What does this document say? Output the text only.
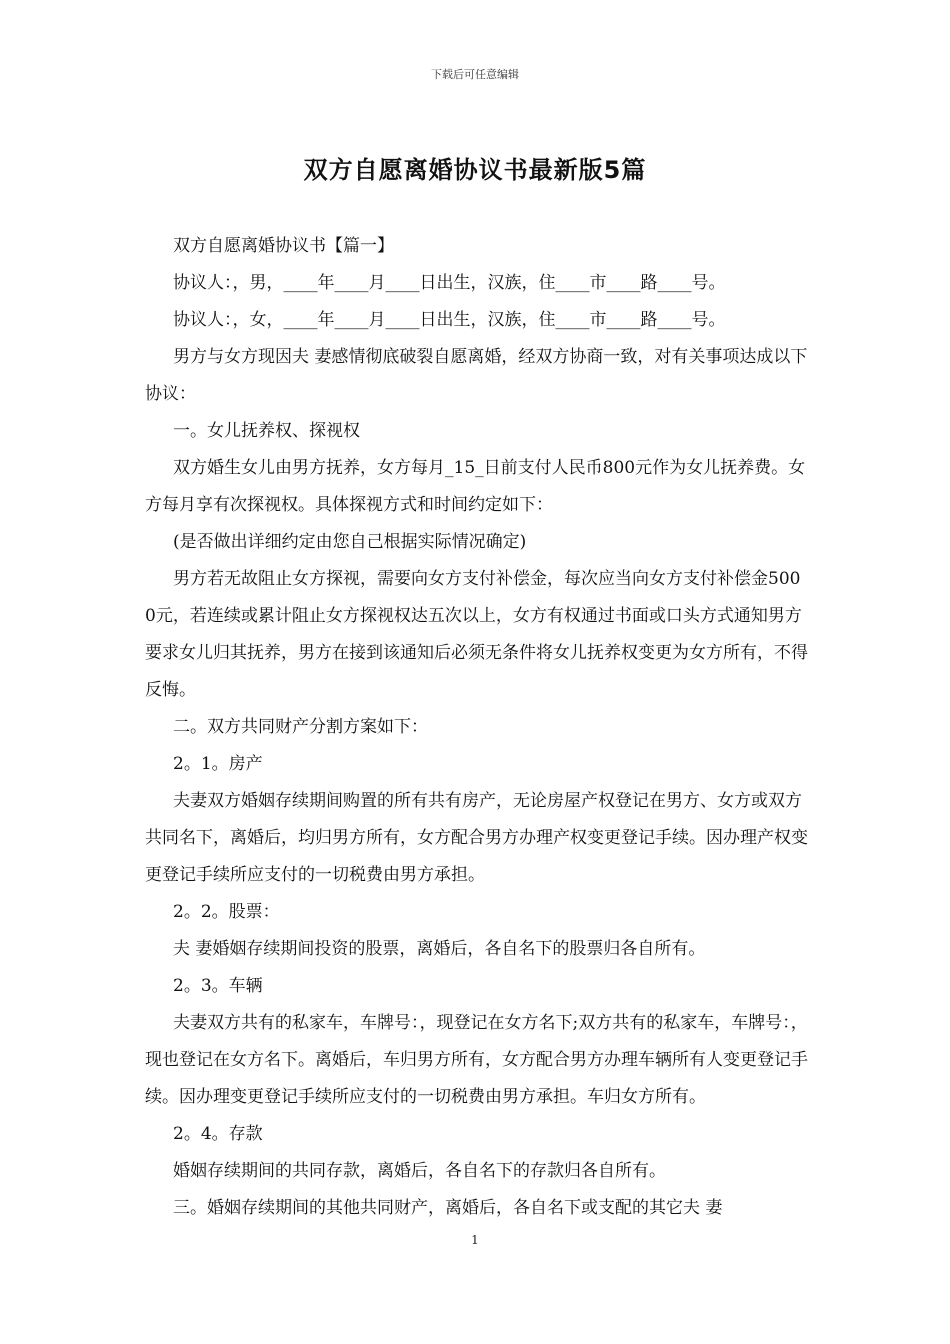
下载后可任意编辑
双方自愿离婚协议书最新版5篇

双方自愿离婚协议书【篇一】

协议人：，男，____年____月____日出生，汉族，住____市____路____号。

协议人：，女，____年____月____日出生，汉族，住____市____路____号。

男方与女方现因夫 妻感情彻底破裂自愿离婚，经双方协商一致，对有关事项达成以下协议：

一。女儿抚养权、探视权

双方婚生女儿由男方抚养，女方每月_15_日前支付人民币800元作为女儿抚养费。女方每月享有次探视权。具体探视方式和时间约定如下：

(是否做出详细约定由您自己根据实际情况确定)

男方若无故阻止女方探视，需要向女方支付补偿金，每次应当向女方支付补偿金5000元，若连续或累计阻止女方探视权达五次以上，女方有权通过书面或口头方式通知男方要求女儿归其抚养，男方在接到该通知后必须无条件将女儿抚养权变更为女方所有，不得反悔。

二。双方共同财产分割方案如下：

2。1。房产

夫妻双方婚姻存续期间购置的所有共有房产，无论房屋产权登记在男方、女方或双方共同名下，离婚后，均归男方所有，女方配合男方办理产权变更登记手续。因办理产权变更登记手续所应支付的一切税费由男方承担。

2。2。股票：

夫 妻婚姻存续期间投资的股票，离婚后，各自名下的股票归各自所有。

2。3。车辆

夫妻双方共有的私家车，车牌号：，现登记在女方名下;双方共有的私家车，车牌号：，现也登记在女方名下。离婚后，车归男方所有，女方配合男方办理车辆所有人变更登记手续。因办理变更登记手续所应支付的一切税费由男方承担。车归女方所有。

2。4。存款

婚姻存续期间的共同存款，离婚后，各自名下的存款归各自所有。

三。婚姻存续期间的其他共同财产，离婚后，各自名下或支配的其它夫 妻

1
